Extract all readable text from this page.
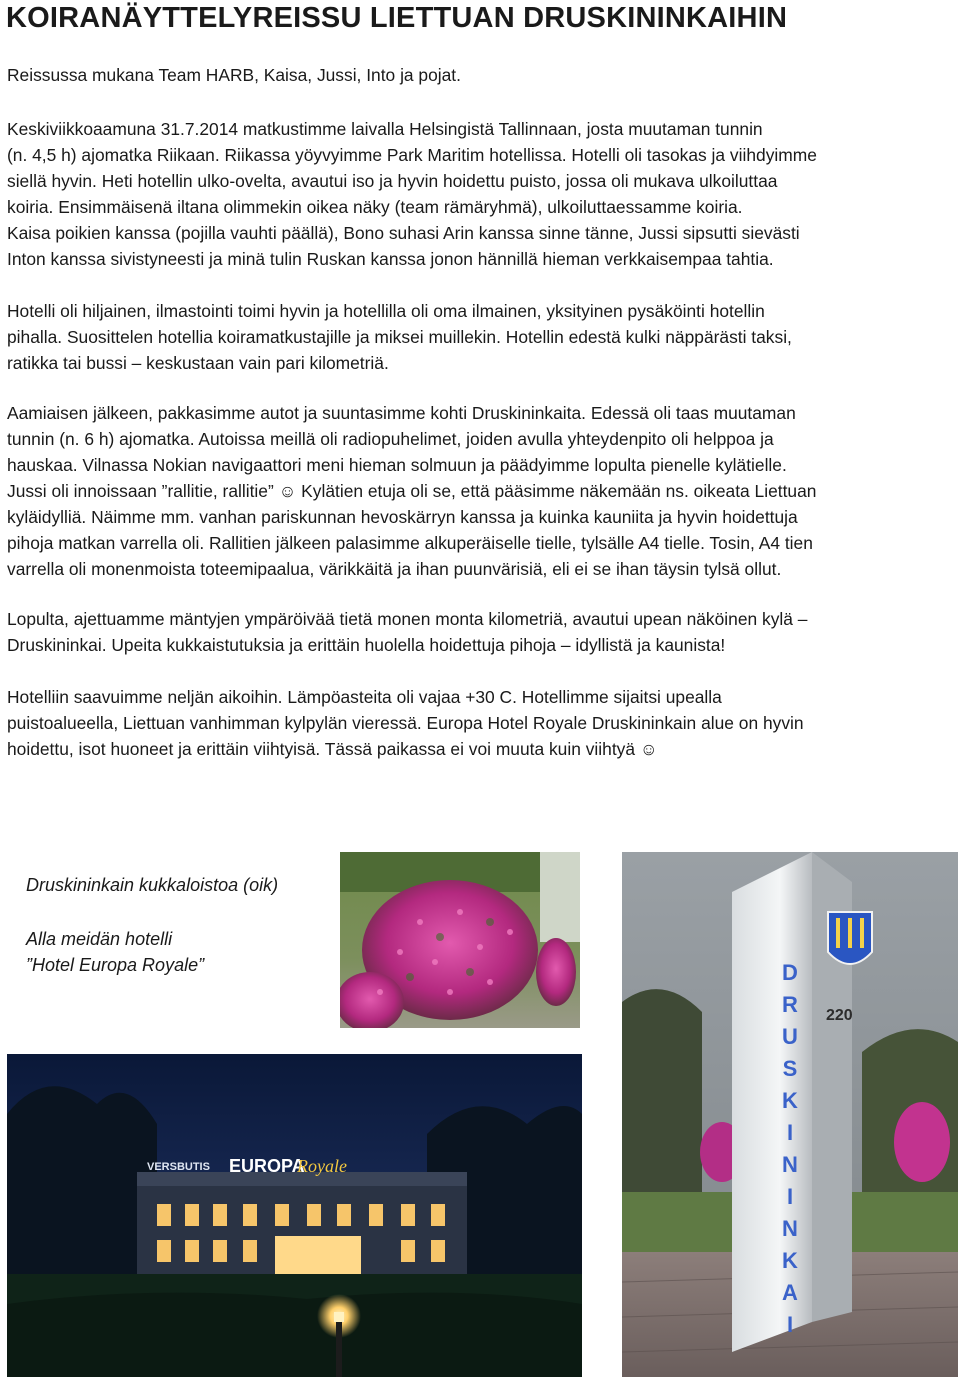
KOIRANÄYTTELYREISSU LIETTUAN DRUSKININKAIHIN

Reissussa mukana Team HARB, Kaisa, Jussi, Into ja pojat.

Keskiviikkoaamuna 31.7.2014 matkustimme laivalla Helsingistä Tallinnaan, josta muutaman tunnin
(n. 4,5 h) ajomatka Riikaan. Riikassa yöyvyimme Park Maritim hotellissa. Hotelli oli tasokas ja viihdyimme
siellä hyvin. Heti hotellin ulko-ovelta, avautui iso ja hyvin hoidettu puisto, jossa oli mukava ulkoiluttaa
koiria. Ensimmäisenä iltana olimmekin oikea näky (team rämäryhmä), ulkoiluttaessamme koiria.
Kaisa poikien kanssa (pojilla vauhti päällä), Bono suhasi Arin kanssa sinne tänne, Jussi sipsutti sievästi
Inton kanssa sivistyneesti ja minä tulin Ruskan kanssa jonon hännillä hieman verkkaisempaa tahtia.
Hotelli oli hiljainen, ilmastointi toimi hyvin ja hotellilla oli oma ilmainen, yksityinen pysäköinti hotellin
pihalla. Suosittelen hotellia koiramatkustajille ja miksei muillekin. Hotellin edestä kulki näppärästi taksi,
ratikka tai bussi – keskustaan vain pari kilometriä.
Aamiaisen jälkeen, pakkasimme autot ja suuntasimme kohti Druskininkaita. Edessä oli taas muutaman
tunnin (n. 6 h) ajomatka. Autoissa meillä oli radiopuhelimet, joiden avulla yhteydenpito oli helppoa ja
hauskaa. Vilnassa Nokian navigaattori meni hieman solmuun ja päädyimme lopulta pienelle kylätielle.
Jussi oli innoissaan ”rallitie, rallitie” ☺ Kylätien etuja oli se, että pääsimme näkemään ns. oikeata Liettuan
kyläidylliä. Näimme mm. vanhan pariskunnan hevoskärryn kanssa ja kuinka kauniita ja hyvin hoidettuja
pihoja matkan varrella oli. Rallitien jälkeen palasimme alkuperäiselle tielle, tylsälle A4 tielle. Tosin, A4 tien
varrella oli monenmoista toteemipaalua, värikkäitä ja ihan puunvärisiä, eli ei se ihan täysin tylsä ollut.
Lopulta, ajettuamme mäntyjen ympäröivää tietä monen monta kilometriä, avautui upean näköinen kylä –
Druskininkai. Upeita kukkaistutuksia ja erittäin huolella hoidettuja pihoja – idyllistä ja kaunista!
Hotelliin saavuimme neljän aikoihin. Lämpöasteita oli vajaa +30 C. Hotellimme sijaitsi upealla
puistoalueella, Liettuan vanhimman kylpylän vieressä. Europa Hotel Royale Druskininkain alue on hyvin
hoidettu, isot huoneet ja erittäin viihtyisä. Tässä paikassa ei voi muuta kuin viihtyä ☺

Druskininkain kukkaloistoa (oik)

Alla meidän hotelli

”Hotel Europa Royale”

VERSBUTIS EUROPA
Royale
220
D
R
U
S
K
I
N
I
N
K
A
I
